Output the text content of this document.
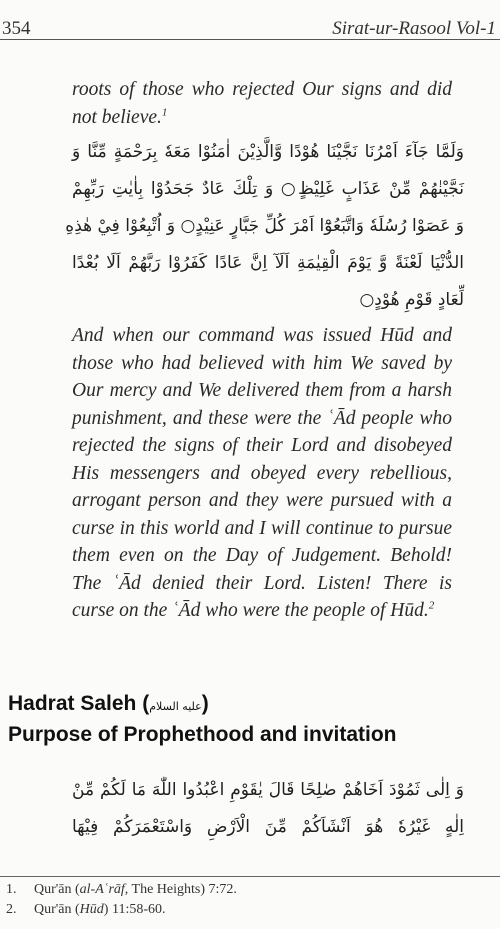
354	Sirat-ur-Rasool Vol-1
roots of those who rejected Our signs and did not believe.$^1$
وَلَمَّا جَآءَ اَمْرُنَا نَجَّيْنَا هُوْدًا وَّالَّذِيْنَ اٰمَنُوْا مَعَهٗ بِرَحْمَةٍ مِّنَّا وَ
نَجَّيْنٰهُمْ مِّنْ عَذَابٍ غَلِيْظٍ○ وَ تِلْكَ عَادٌ جَحَدُوْا بِاٰيٰتِ رَبِّهِمْ
وَ عَصَوْا رُسُلَهٗ وَاتَّبَعُوْٓا اَمْرَ كُلِّ جَبَّارٍ عَنِيْدٍ○ وَ اُتْبِعُوْا فِيْ هٰذِهِ
الدُّنْيَا لَعْنَةً وَّ يَوْمَ الْقِيٰمَةِ اَلَآ اِنَّ عَادًا كَفَرُوْا رَبَّهُمْ اَلَا بُعْدًا
لِّعَادٍ قَوْمِ هُوْدٍ○
And when our command was issued Hūd and those who had believed with him We saved by Our mercy and We delivered them from a harsh punishment, and these were the ʿĀd people who rejected the signs of their Lord and disobeyed His messengers and obeyed every rebellious, arrogant person and they were pursued with a curse in this world and I will continue to pursue them even on the Day of Judgement. Behold! The ʿĀd denied their Lord. Listen! There is curse on the ʿĀd who were the people of Hūd.$^2$
Hadrat Saleh (عليه السلام)
Purpose of Prophethood and invitation
وَ اِلٰى ثَمُوْدَ اَخَاهُمْ صٰلِحًا قَالَ يٰقَوْمِ اعْبُدُوا اللّٰهَ مَا لَكُمْ مِّنْ
اِلٰهٍ غَيْرُهٗ هُوَ اَنْشَاَكُمْ مِّنَ الْاَرْضِ وَاسْتَعْمَرَكُمْ فِيْهَا
1.	Qur'ān (al-Aʿrāf, The Heights) 7:72.
2.	Qur'ān (Hūd) 11:58-60.
